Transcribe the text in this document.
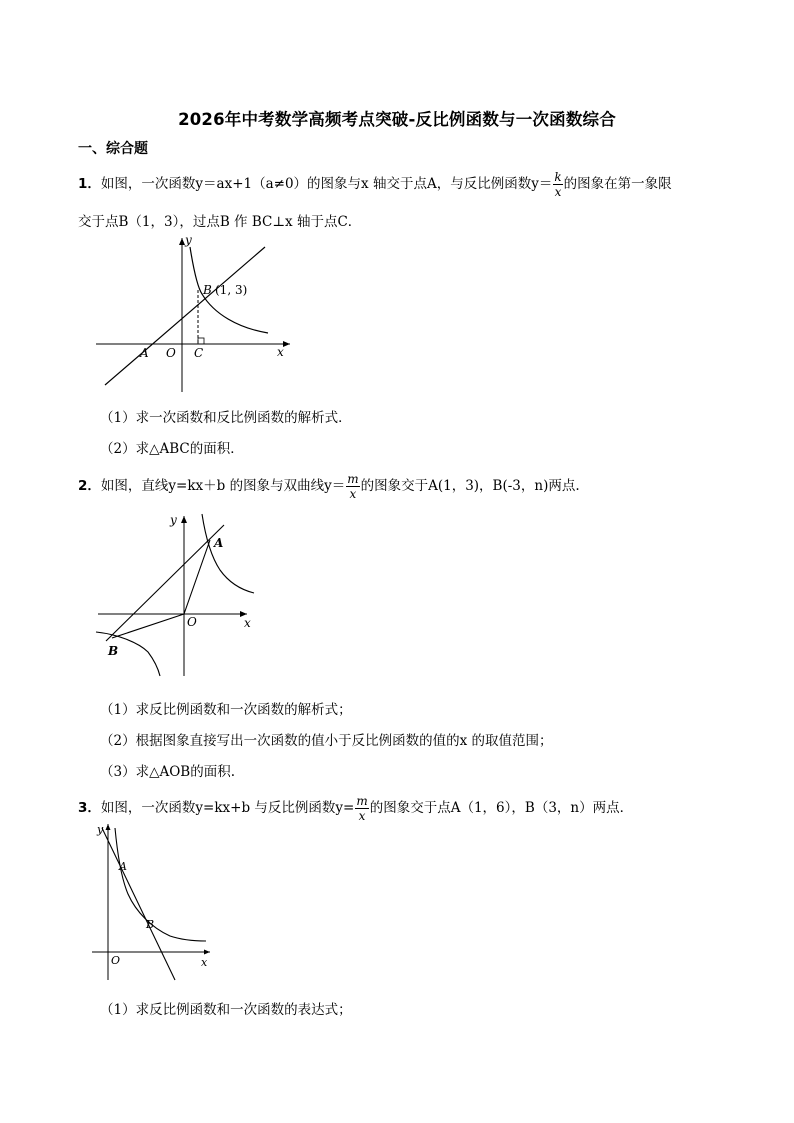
2026年中考数学高频考点突破-反比例函数与一次函数综合
一、综合题
1．如图，一次函数y＝ax+1（a≠0）的图象与x 轴交于点A，与反比例函数$y= \frac{k}{x}$ 的图象在第一象限
交于点B（1，3），过点B 作 BC⊥x 轴于点C．
y
x
A O C
B (1, 3)
（1）求一次函数和反比例函数的解析式．
（2）求△ABC的面积．
2．如图，直线y=kx＋b 的图象与双曲线$y= \frac{m}{x}$ 的图象交于A(1，3)，B(-3，n)两点.
y
x
O
A
B
（1）求反比例函数和一次函数的解析式；
（2）根据图象直接写出一次函数的值小于反比例函数的值的x 的取值范围；
（3）求△AOB的面积.
3．如图，一次函数y=kx+b 与反比例函数$y= \frac{m}{x}$ 的图象交于点A（1，6），B（3，n）两点．
y
x
O
A
B
（1）求反比例函数和一次函数的表达式；
